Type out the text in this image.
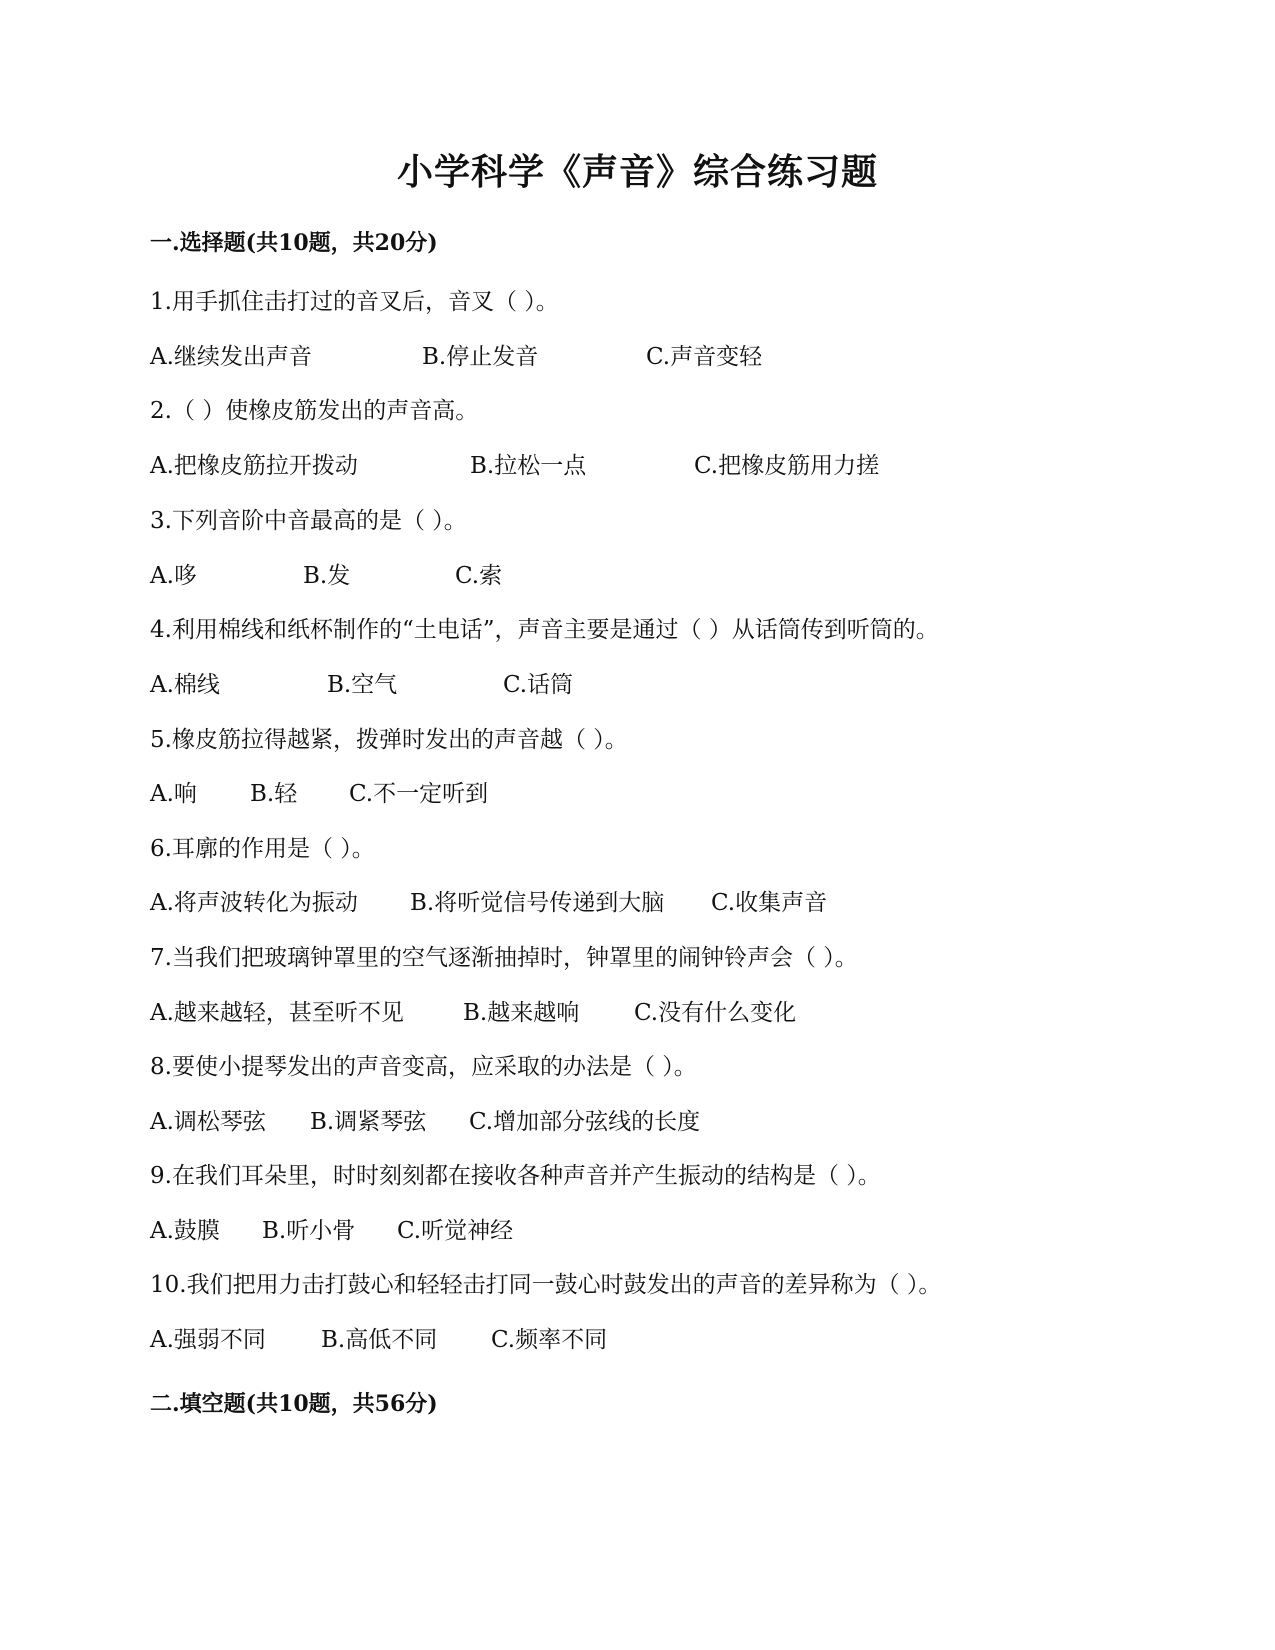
小学科学《声音》综合练习题
一.选择题(共10题，共20分)
1.用手抓住击打过的音叉后，音叉（ ）。
A.继续发出声音	B.停止发音	C.声音变轻
2.（ ）使橡皮筋发出的声音高。
A.把橡皮筋拉开拨动	B.拉松一点	C.把橡皮筋用力搓
3.下列音阶中音最高的是（ ）。
A.哆	B.发	C.索
4.利用棉线和纸杯制作的“土电话”，声音主要是通过（ ）从话筒传到听筒的。
A.棉线	B.空气	C.话筒
5.橡皮筋拉得越紧，拨弹时发出的声音越（ ）。
A.响 B.轻 C.不一定听到
6.耳廓的作用是（ ）。
A.将声波转化为振动 B.将听觉信号传递到大脑 C.收集声音
7.当我们把玻璃钟罩里的空气逐渐抽掉时，钟罩里的闹钟铃声会（ ）。
A.越来越轻，甚至听不见	B.越来越响 C.没有什么变化
8.要使小提琴发出的声音变高，应采取的办法是（ ）。
A.调松琴弦 B.调紧琴弦 C.增加部分弦线的长度
9.在我们耳朵里，时时刻刻都在接收各种声音并产生振动的结构是（ ）。
A.鼓膜 B.听小骨 C.听觉神经
10.我们把用力击打鼓心和轻轻击打同一鼓心时鼓发出的声音的差异称为（ ）。
A.强弱不同 B.高低不同 C.频率不同
二.填空题(共10题，共56分)
